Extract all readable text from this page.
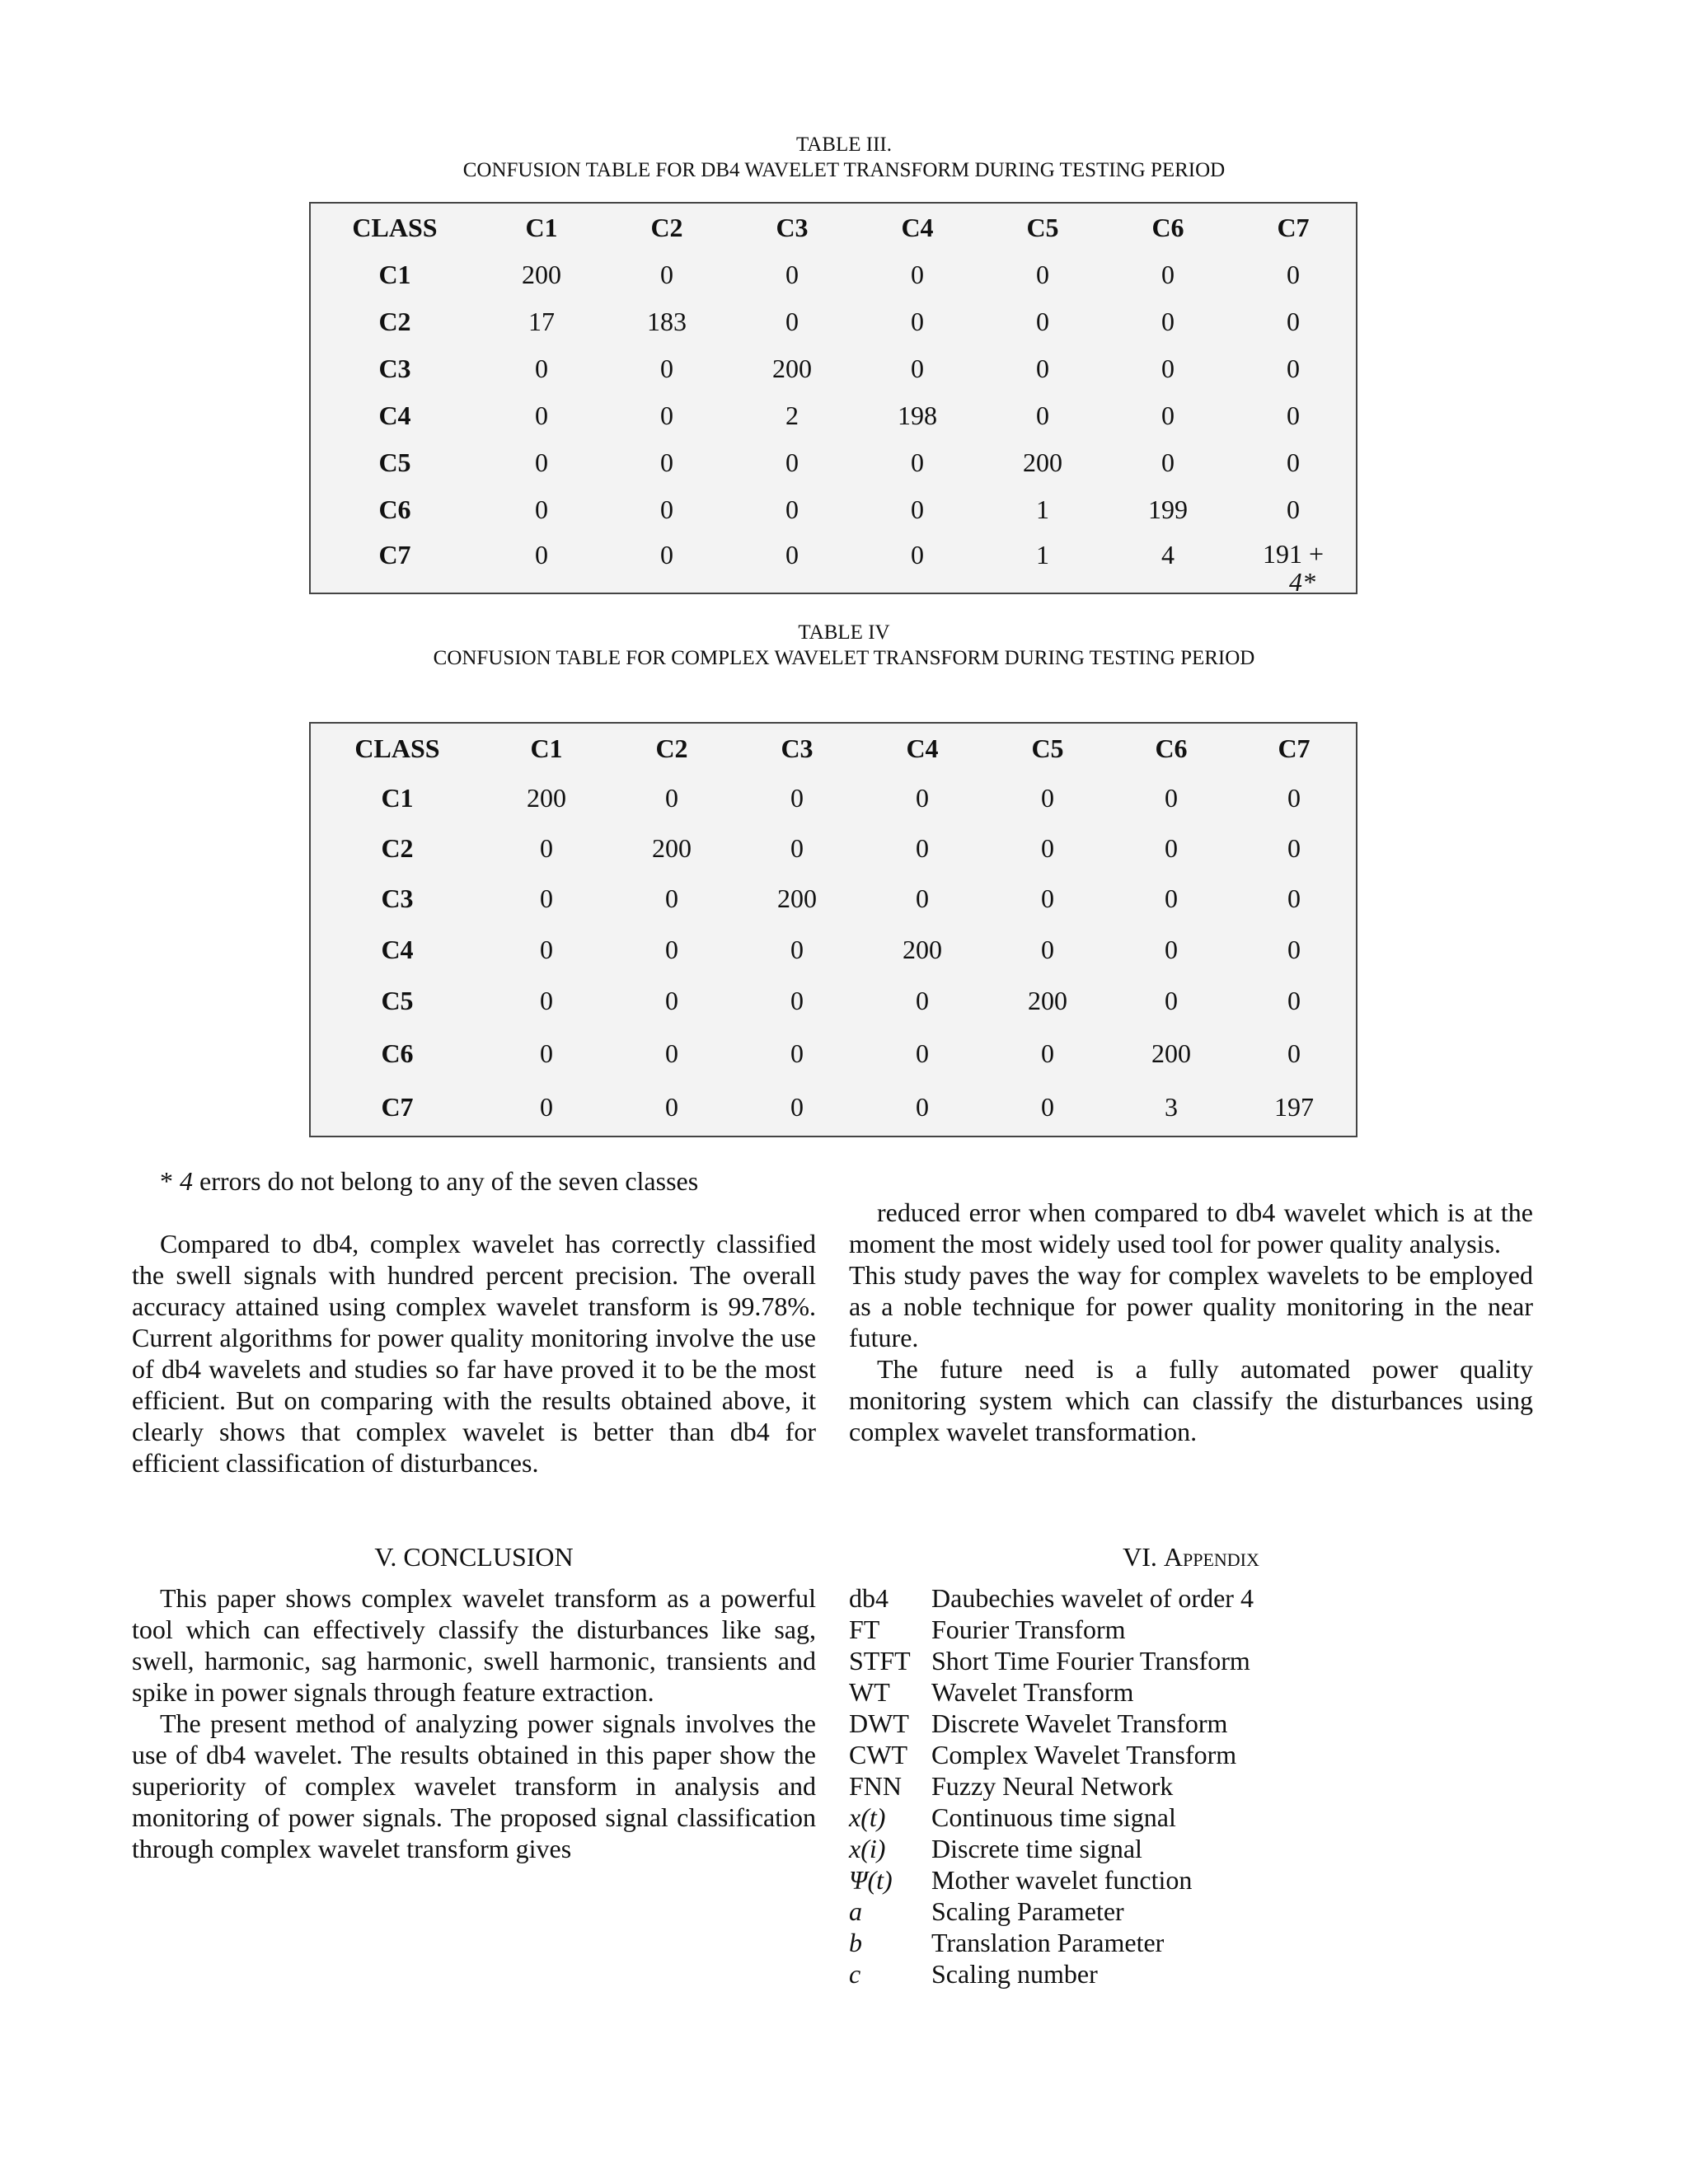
TABLE III.
CONFUSION TABLE FOR DB4 WAVELET TRANSFORM DURING TESTING PERIOD
CLASS	C1	C2	C3	C4	C5	C6	C7
C1	200	0	0	0	0	0	0
C2	17	183	0	0	0	0	0
C3	0	0	200	0	0	0	0
C4	0	0	2	198	0	0	0
C5	0	0	0	0	200	0	0
C6	0	0	0	0	1	199	0
C7	0	0	0	0	1	4	191 +
4*
TABLE IV
CONFUSION TABLE FOR COMPLEX WAVELET TRANSFORM DURING TESTING PERIOD
CLASS	C1	C2	C3	C4	C5	C6	C7
C1	200	0	0	0	0	0	0
C2	0	200	0	0	0	0	0
C3	0	0	200	0	0	0	0
C4	0	0	0	200	0	0	0
C5	0	0	0	0	200	0	0
C6	0	0	0	0	0	200	0
C7	0	0	0	0	0	3	197
* 4 errors do not belong to any of the seven classes

Compared to db4, complex wavelet has correctly classified the swell signals with hundred percent precision. The overall accuracy attained using complex wavelet transform is 99.78%. Current algorithms for power quality monitoring involve the use of db4 wavelets and studies so far have proved it to be the most efficient. But on comparing with the results obtained above, it clearly shows that complex wavelet is better than db4 for efficient classification of disturbances.

V. CONCLUSION

This paper shows complex wavelet transform as a powerful tool which can effectively classify the disturbances like sag, swell, harmonic, sag harmonic, swell harmonic, transients and spike in power signals through feature extraction.

The present method of analyzing power signals involves the use of db4 wavelet. The results obtained in this paper show the superiority of complex wavelet transform in analysis and monitoring of power signals. The proposed signal classification through complex wavelet transform gives

reduced error when compared to db4 wavelet which is at the moment the most widely used tool for power quality analysis.

This study paves the way for complex wavelets to be employed as a noble technique for power quality monitoring in the near future.

The future need is a fully automated power quality monitoring system which can classify the disturbances using complex wavelet transformation.

VI. Appendix
db4 Daubechies wavelet of order 4
FT Fourier Transform
STFT Short Time Fourier Transform
WT Wavelet Transform
DWT Discrete Wavelet Transform
CWT Complex Wavelet Transform
FNN Fuzzy Neural Network
x(t) Continuous time signal
x(i) Discrete time signal
Ψ(t) Mother wavelet function
a	Scaling Parameter
b	Translation Parameter
c	Scaling number
